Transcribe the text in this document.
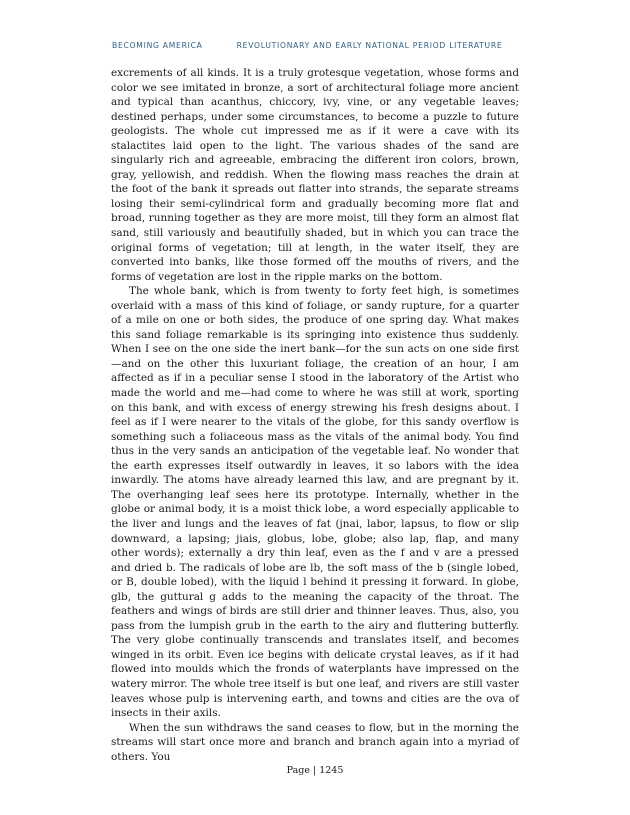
BECOMING AMERICA	REVOLUTIONARY AND EARLY NATIONAL PERIOD LITERATURE

excrements of all kinds. It is a truly grotesque vegetation, whose forms and color we see imitated in bronze, a sort of architectural foliage more ancient and typical than acanthus, chiccory, ivy, vine, or any vegetable leaves; destined perhaps, under some circumstances, to become a puzzle to future geologists. The whole cut impressed me as if it were a cave with its stalactites laid open to the light. The various shades of the sand are singularly rich and agreeable, embracing the different iron colors, brown, gray, yellowish, and reddish. When the flowing mass reaches the drain at the foot of the bank it spreads out flatter into strands, the separate streams losing their semi-cylindrical form and gradually becoming more flat and broad, running together as they are more moist, till they form an almost flat sand, still variously and beautifully shaded, but in which you can trace the original forms of vegetation; till at length, in the water itself, they are converted into banks, like those formed off the mouths of rivers, and the forms of vegetation are lost in the ripple marks on the bottom.

The whole bank, which is from twenty to forty feet high, is sometimes overlaid with a mass of this kind of foliage, or sandy rupture, for a quarter of a mile on one or both sides, the produce of one spring day. What makes this sand foliage remarkable is its springing into existence thus suddenly. When I see on the one side the inert bank—for the sun acts on one side first—and on the other this luxuriant foliage, the creation of an hour, I am affected as if in a peculiar sense I stood in the laboratory of the Artist who made the world and me—had come to where he was still at work, sporting on this bank, and with excess of energy strewing his fresh designs about. I feel as if I were nearer to the vitals of the globe, for this sandy overflow is something such a foliaceous mass as the vitals of the animal body. You find thus in the very sands an anticipation of the vegetable leaf. No wonder that the earth expresses itself outwardly in leaves, it so labors with the idea inwardly. The atoms have already learned this law, and are pregnant by it. The overhanging leaf sees here its prototype. Internally, whether in the globe or animal body, it is a moist thick lobe, a word especially applicable to the liver and lungs and the leaves of fat (jnai, labor, lapsus, to flow or slip downward, a lapsing; jiais, globus, lobe, globe; also lap, flap, and many other words); externally a dry thin leaf, even as the f and v are a pressed and dried b. The radicals of lobe are lb, the soft mass of the b (single lobed, or B, double lobed), with the liquid l behind it pressing it forward. In globe, glb, the guttural g adds to the meaning the capacity of the throat. The feathers and wings of birds are still drier and thinner leaves. Thus, also, you pass from the lumpish grub in the earth to the airy and fluttering butterfly. The very globe continually transcends and translates itself, and becomes winged in its orbit. Even ice begins with delicate crystal leaves, as if it had flowed into moulds which the fronds of waterplants have impressed on the watery mirror. The whole tree itself is but one leaf, and rivers are still vaster leaves whose pulp is intervening earth, and towns and cities are the ova of insects in their axils.

When the sun withdraws the sand ceases to flow, but in the morning the streams will start once more and branch and branch again into a myriad of others. You

Page | 1245
